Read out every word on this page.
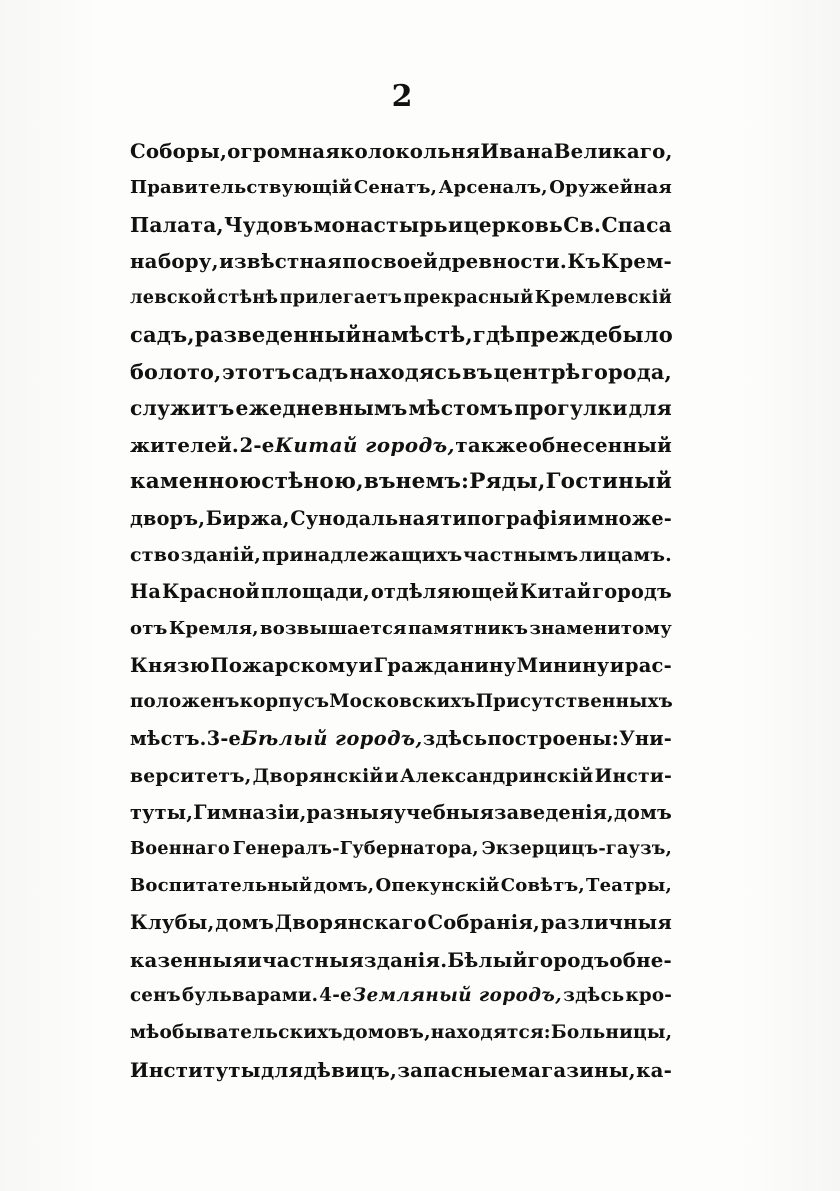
2
Соборы, огромная колокольня Ивана Великаго,
Правительствующій Сенатъ, Арсеналъ, Оружейная
Палата, Чудовъ монастырь и церковь Св. Спаса
на бору, извѣстная по своей древности. Къ Крем-
левской стѣнѣ прилегаетъ прекрасный Кремлевскій
садъ, разведенный на мѣстѣ, гдѣ прежде было
болото, этотъ садъ находясь въ центрѣ города,
служитъ ежедневнымъ мѣстомъ прогулки для
жителей. 2-е Китай городъ, также обнесенный
каменною стѣною, въ немъ: Ряды, Гостиный
дворъ, Биржа, Сунодальная типографія и множе-
ство зданій, принадлежащихъ частнымъ лицамъ.
На Красной площади, отдѣляющей Китай городъ
отъ Кремля, возвышается памятникъ знаменитому
Князю Пожарскому и Гражданину Минину и рас-
положенъ корпусъ Московскихъ Присутственныхъ
мѣстъ. 3-е Бѣлый городъ, здѣсь построены: Уни-
верситетъ, Дворянскій и Александринскій Инсти-
туты, Гимназіи, разныя учебныя заведенія, домъ
Военнаго Генералъ-Губернатора, Экзерцицъ-гаузъ,
Воспитательный домъ, Опекунскій Совѣтъ, Театры,
Клубы, домъ Дворянскаго Собранія, различныя
казенныя и частныя зданія. Бѣлый городъ обне-
сенъ бульварами. 4-е Земляный городъ, здѣсь кро-
мѣ обывательскихъ домовъ, находятся: Больницы,
Институты для дѣвицъ, запасные магазины, ка-
